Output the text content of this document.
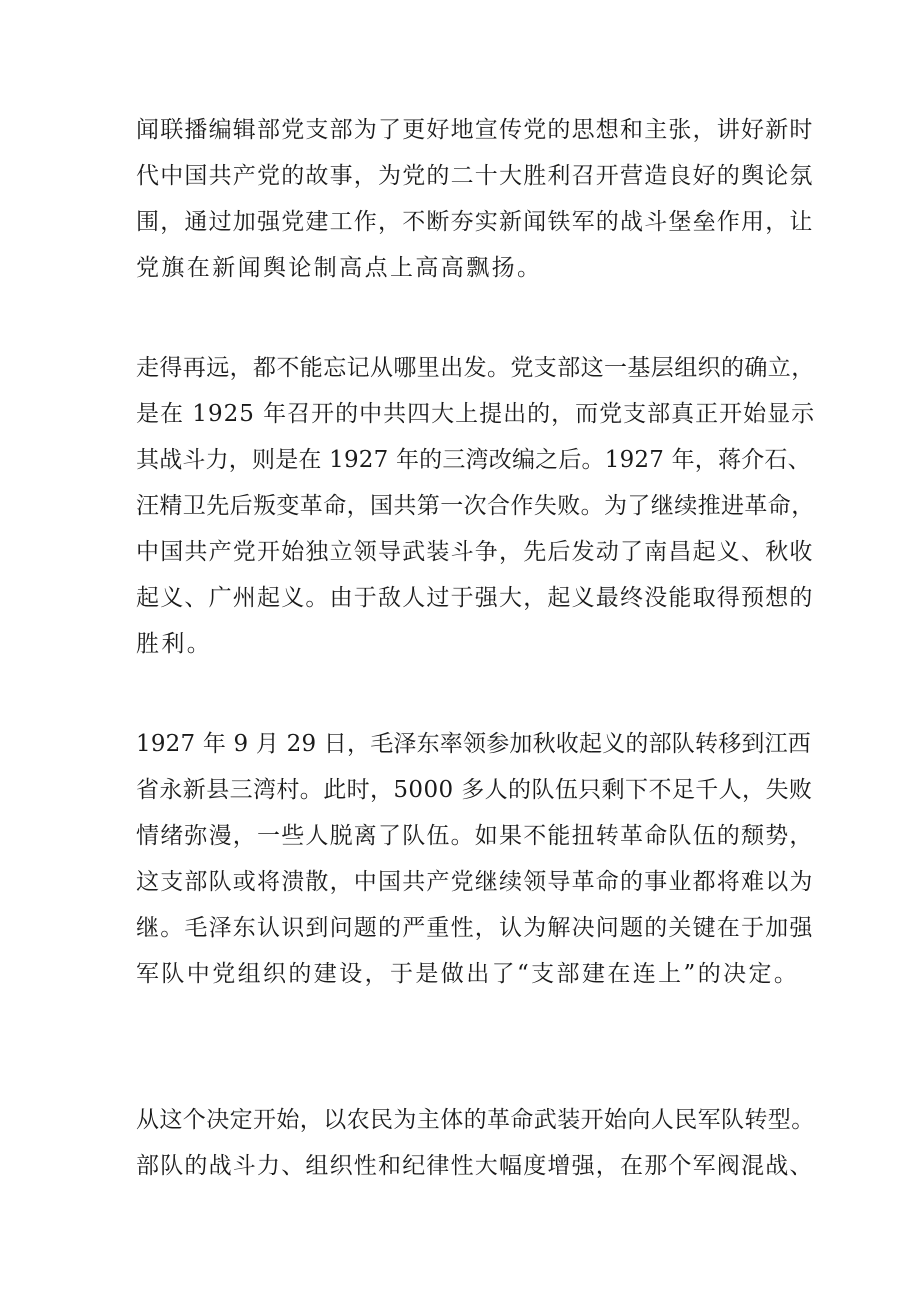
闻联播编辑部党支部为了更好地宣传党的思想和主张，讲好新时
代中国共产党的故事，为党的二十大胜利召开营造良好的舆论氛
围，通过加强党建工作，不断夯实新闻铁军的战斗堡垒作用，让
党旗在新闻舆论制高点上高高飘扬。
走得再远，都不能忘记从哪里出发。党支部这一基层组织的确立，
是在 1925 年召开的中共四大上提出的，而党支部真正开始显示
其战斗力，则是在 1927 年的三湾改编之后。1927 年，蒋介石、
汪精卫先后叛变革命，国共第一次合作失败。为了继续推进革命，
中国共产党开始独立领导武装斗争，先后发动了南昌起义、秋收
起义、广州起义。由于敌人过于强大，起义最终没能取得预想的
胜利。
1927 年 9 月 29 日，毛泽东率领参加秋收起义的部队转移到江西
省永新县三湾村。此时，5000 多人的队伍只剩下不足千人，失败
情绪弥漫，一些人脱离了队伍。如果不能扭转革命队伍的颓势，
这支部队或将溃散，中国共产党继续领导革命的事业都将难以为
继。毛泽东认识到问题的严重性，认为解决问题的关键在于加强
军队中党组织的建设，于是做出了“支部建在连上”的决定。
从这个决定开始，以农民为主体的革命武装开始向人民军队转型。
部队的战斗力、组织性和纪律性大幅度增强，在那个军阀混战、
